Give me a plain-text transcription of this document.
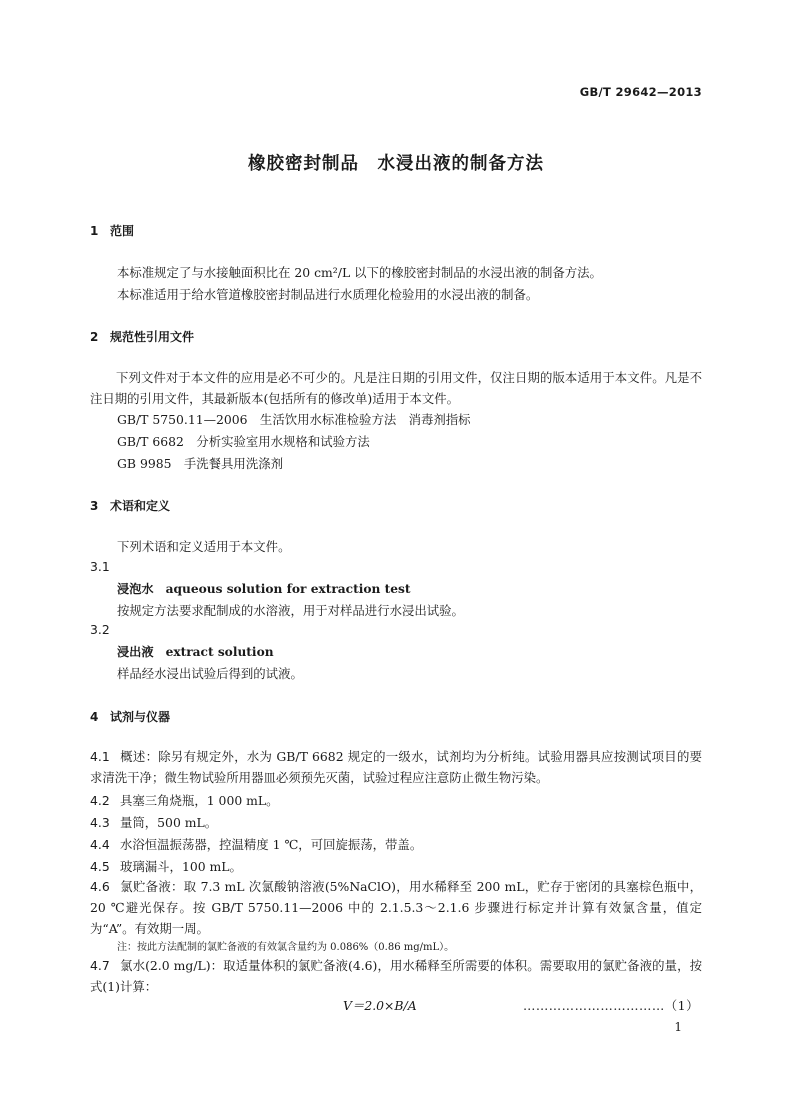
GB/T 29642—2013
橡胶密封制品　水浸出液的制备方法
1 范围
本标准规定了与水接触面积比在 20 cm²/L 以下的橡胶密封制品的水浸出液的制备方法。
本标准适用于给水管道橡胶密封制品进行水质理化检验用的水浸出液的制备。
2 规范性引用文件
下列文件对于本文件的应用是必不可少的。凡是注日期的引用文件，仅注日期的版本适用于本文件。凡是不注日期的引用文件，其最新版本(包括所有的修改单)适用于本文件。
GB/T 5750.11—2006　生活饮用水标准检验方法　消毒剂指标
GB/T 6682　分析实验室用水规格和试验方法
GB 9985　手洗餐具用洗涤剂
3 术语和定义
下列术语和定义适用于本文件。
3.1
浸泡水 aqueous solution for extraction test
按规定方法要求配制成的水溶液，用于对样品进行水浸出试验。
3.2
浸出液 extract solution
样品经水浸出试验后得到的试液。
4 试剂与仪器
4.1 概述：除另有规定外，水为 GB/T 6682 规定的一级水，试剂均为分析纯。试验用器具应按测试项目的要求清洗干净；微生物试验所用器皿必须预先灭菌，试验过程应注意防止微生物污染。
4.2 具塞三角烧瓶，1 000 mL。
4.3 量筒，500 mL。
4.4 水浴恒温振荡器，控温精度 1 ℃，可回旋振荡，带盖。
4.5 玻璃漏斗，100 mL。
4.6 氯贮备液：取 7.3 mL 次氯酸钠溶液(5%NaClO)，用水稀释至 200 mL，贮存于密闭的具塞棕色瓶中，20 ℃避光保存。按 GB/T 5750.11—2006 中的 2.1.5.3～2.1.6 步骤进行标定并计算有效氯含量，值定为“A”。有效期一周。
注：按此方法配制的氯贮备液的有效氯含量约为 0.086%（0.86 mg/mL）。
4.7 氯水(2.0 mg/L)：取适量体积的氯贮备液(4.6)，用水稀释至所需要的体积。需要取用的氯贮备液的量，按式(1)计算：
V＝2.0×B/A	……………………………（1）
1
